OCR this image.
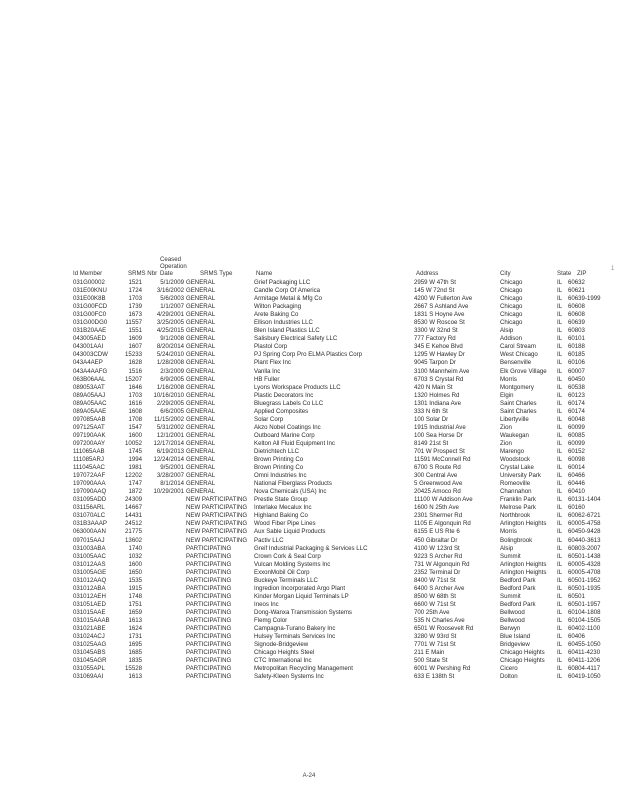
1
Id Member	SRMS Nbr
Ceased
Operation
Date	SRMS Type	Name	Address	City	State ZIP
031G00002	1521	5/1/2009 GENERAL	Grief Packaging LLC	2959 W 47th St	Chicago	IL 60632
031E00KNU	1724	3/16/2002 GENERAL	Candle Corp Of America	145 W 72nd St	Chicago	IL 60621
031E00K8B	1703	5/6/2003 GENERAL	Armitage Metal & Mfg Co	4200 W Fullerton Ave	Chicago	IL 60639-1999
031G00FCD	1739	1/1/2007 GENERAL	Wilton Packaging	2667 S Ashland Ave	Chicago	IL 60608
031G00FC0	1673	4/29/2001 GENERAL	Arete Baking Co	1831 S Hoyne Ave	Chicago	IL 60608
031G00DG0	11557	3/25/2005 GENERAL	Ellison Industries LLC	8530 W Roscoe St	Chicago	IL 60639
031B20AAE	1551	4/25/2015 GENERAL	Blen Island Plastics LLC	3300 W 32nd St	Alsip	IL 60803
043005AED	1609	9/1/2008 GENERAL	Salisbury Electrical Safety LLC	777 Factory Rd	Addison	IL 60101
043001AAI	1607	8/20/2014 GENERAL	Plastol Corp	345 E Kehoe Blvd	Carol Stream	IL 60188
043003CDW	15233	5/24/2010 GENERAL	PJ Spring Corp Pro ELMA Plastics Corp	1295 W Hawley Dr	West Chicago	IL 60185
043A4AEP	1628	1/28/2008 GENERAL	Plant Flex Inc	9045 Tarpon Dr	Bensenville	IL 60106
043A4AAFG	1516	2/3/2009 GENERAL	Vanlla Inc	3100 Mannheim Ave	Elk Grove Village	IL 60007
063B06AAL	15207	6/9/2005 GENERAL	HB Fuller	6703 S Crystal Rd	Morris	IL 60450
089053AAT	1646	1/16/2008 GENERAL	Lyons Workspace Products LLC	420 N Main St	Montgomery	IL 60538
089A05AAJ	1703	10/16/2010 GENERAL	Plastic Decorators Inc	1320 Holmes Rd	Elgin	IL 60123
089A05AAC	1616	2/29/2005 GENERAL	Bluegrass Labels Co LLC	1301 Indiana Ave	Saint Charles	IL 60174
089A05AAE	1608	6/6/2005 GENERAL	Applied Composites	333 N 6th St	Saint Charles	IL 60174
097085AAB	1708	11/15/2002 GENERAL	Solar Corp	100 Solar Dr	Libertyville	IL 60048
097125AAT	1547	5/31/2002 GENERAL	Akzo Nobel Coatings Inc	1915 Industrial Ave	Zion	IL 60099
097190AAK	1600	12/1/2001 GENERAL	Outboard Marine Corp	100 Sea Horse Dr	Waukegan	IL 60085
097200AAY	10052	12/17/2014 GENERAL	Kelton All Fluid Equipment Inc	8149 21st St	Zion	IL 60099
111065AAB	1745	6/19/2013 GENERAL	Dietrichtech LLC	701 W Prospect St	Marengo	IL 60152
111085ARJ	1994	12/24/2014 GENERAL	Brown Printing Co	11591 McConnell Rd	Woodstock	IL 60098
111045AAC	1981	9/5/2001 GENERAL	Brown Printing Co	6700 S Route Rd	Crystal Lake	IL 60014
197072AAF	12202	3/28/2007 GENERAL	Omni Industries Inc	300 Central Ave	University Park	IL 60466
197090AAA	1747	8/1/2014 GENERAL	National Fiberglass Products	5 Greenwood Ave	Romeoville	IL 60446
197090AAQ	1872	10/29/2001 GENERAL	Nova Chemicals (USA) Inc	20425 Amoco Rd	Channahon	IL 60410
031095ADD	24309	NEW PARTICIPATING	Prestle State Group	11100 W Addison Ave	Franklin Park	IL 60131-1404
031156ARL	14667	NEW PARTICIPATING	Interlake Mecalux Inc	1600 N 25th Ave	Melrose Park	IL 60160
031070ALC	14431	NEW PARTICIPATING	Highland Baking Co	2301 Shermer Rd	Northbrook	IL 60062-6721
031B3AAAP	24512	NEW PARTICIPATING	Wood Fiber Pipe Lines	1105 E Algonquin Rd	Arlington Heights	IL 60005-4758
063000AAN	21775	NEW PARTICIPATING	Aux Sable Liquid Products	6155 E US Rte 6	Morris	IL 60450-9428
097015AAJ	13602	NEW PARTICIPATING	Pactiv LLC	450 Gibraltar Dr	Bolingbrook	IL 60440-3613
031003ABA	1740	PARTICIPATING	Greif Industrial Packaging & Services LLC	4100 W 123rd St	Alsip	IL 60803-2007
031005AAC	1032	PARTICIPATING	Crown Cork & Seal Corp	9223 S Archer Rd	Summit	IL 60501-1438
031012AAS	1600	PARTICIPATING	Vulcan Molding Systems Inc	731 W Algonquin Rd	Arlington Heights	IL 60005-4328
031005AGE	1650	PARTICIPATING	ExxonMobil Oil Corp	2352 Terminal Dr	Arlington Heights	IL 60005-4708
031012AAQ	1535	PARTICIPATING	Buckeye Terminals LLC	8400 W 71st St	Bedford Park	IL 60501-1952
031012ABA	1915	PARTICIPATING	Ingredion Incorporated Argo Plant	6400 S Archer Ave	Bedford Park	IL 60501-1935
031012AEH	1748	PARTICIPATING	Kinder Morgan Liquid Terminals LP	8500 W 68th St	Summit	IL 60501
031051AED	1751	PARTICIPATING	Ineos Inc	6600 W 71st St	Bedford Park	IL 60501-1957
031015AAE	1659	PARTICIPATING	Dong-Wanxa Transmission Systems	700 25th Ave	Bellwood	IL 60104-1808
031015AAAB	1613	PARTICIPATING	Flemg Color	535 N Charles Ave	Bellwood	IL 60104-1505
031021ABE	1624	PARTICIPATING	Campagna-Turano Bakery Inc	6501 W Roosevelt Rd	Berwyn	IL 60402-1100
031024ACJ	1731	PARTICIPATING	Hulsey Terminals Services Inc	3280 W 93rd St	Blue Island	IL 60406
031025AAG	1695	PARTICIPATING	Signode-Bridgeview	7701 W 71st St	Bridgeview	IL 60455-1050
031045ABS	1685	PARTICIPATING	Chicago Heights Steel	211 E Main	Chicago Heights	IL 60411-4230
031045AGR	1835	PARTICIPATING	CTC International Inc	500 State St	Chicago Heights	IL 60411-1206
031055APL	15528	PARTICIPATING	Metropolitan Recycling Management	6001 W Pershing Rd	Cicero	IL 60804-4117
031069AAI	1613	PARTICIPATING	Safety-Kleen Systems Inc	633 E 138th St	Dolton	IL 60419-1050
A-24
